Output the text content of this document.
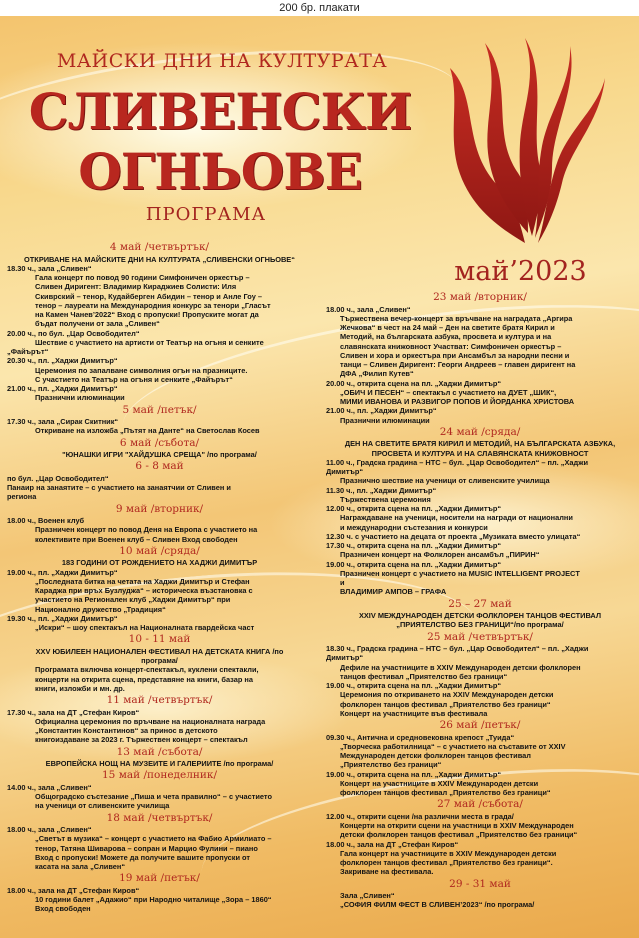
200 бр. плакати
МАЙСКИ ДНИ НА КУЛТУРАТА
СЛИВЕНСКИ
ОГНЬОВЕ
ПРОГРАМА
май’2023
4 май /четвъртък/
ОТКРИВАНЕ НА МАЙСКИТЕ ДНИ НА КУЛТУРАТА „СЛИВЕНСКИ ОГНЬОВЕ“
18.30 ч., зала „Сливен“
Гала концерт по повод 90 години Симфоничен оркестър –
Сливен Диригент: Владимир Кираджиев Солисти: Иля
Скиврский – тенор, Кудайберген Абидин – тенор и Анле Гоу –
тенор – лауреати на Международния конкурс за тенори „Гласът
на Камен Чанев’2022“ Вход с пропуски! Пропуските могат да
бъдат получени от зала „Сливен“
20.00 ч., по бул. „Цар Освободител“
Шествие с участието на артисти от Театър на огъня и сенките
„Файърът“
20.30 ч., пл. „Хаджи Димитър“
Церемония по запалване символния огън на празниците.
С участието на Театър на огъня и сенките „Файърът“
21.00 ч., пл. „Хаджи Димитър“
Празнични илюминации
5 май /петък/
17.30 ч., зала „Сирак Скитник“
Откриване на изложба „Пътят на Данте“ на Светослав Косев
6 май /събота/
"ЮНАШКИ ИГРИ "ХАЙДУШКА СРЕЩА" /по програма/
6 - 8 май
по бул. „Цар Освободител“
Панаир на занаятите – с участието на занаятчии от Сливен и
региона
9 май /вторник/
18.00 ч., Военен клуб
Празничен концерт по повод Деня на Европа с участието на
колективите при Военен клуб – Сливен Вход свободен
10 май /сряда/
183 ГОДИНИ ОТ РОЖДЕНИЕТО НА ХАДЖИ ДИМИТЪР
19.00 ч., пл. „Хаджи Димитър“
„Последната битка на четата на Хаджи Димитър и Стефан
Караджа при връх Бузлуджа“ – историческа възстановка с
участието на Регионален клуб „Хаджи Димитър“ при
Национално дружество „Традиция“
19.30 ч., пл. „Хаджи Димитър“
„Искри“ – шоу спектакъл на Националната гвардейска част
10 - 11 май
XXV ЮБИЛЕЕН НАЦИОНАЛЕН ФЕСТИВАЛ НА ДЕТСКАТА КНИГА /по
програма/
Програмата включва концерт-спектакъл, куклени спектакли,
концерти на открита сцена, представяне на книги, базар на
книги, изложби и мн. др.
11 май /четвъртък/
17.30 ч., зала на ДТ „Стефан Киров“
Официална церемония по връчване на националната награда
„Константин Константинов“ за принос в детското
книгоиздаване за 2023 г. Тържествен концерт – спектакъл
13 май /събота/
ЕВРОПЕЙСКА НОЩ НА МУЗЕИТЕ И ГАЛЕРИИТЕ /по програма/
15 май /понеделник/
14.00 ч., зала „Сливен“
Общоградско състезание „Пиша и чета правилно“ – с участието
на ученици от сливенските училища
18 май /четвъртък/
18.00 ч., зала „Сливен“
„Светът в музика“ – концерт с участието на Фабио Армилиато –
тенор, Татяна Шиварова – сопран и Марцио Фулини – пиано
Вход с пропуски! Можете да получите вашите пропуски от
касата на зала „Сливен“
19 май /петък/
18.00 ч., зала на ДТ „Стефан Киров“
10 години балет „Адажио“ при Народно читалище „Зора – 1860“
Вход свободен
23 май /вторник/
18.00 ч., зала „Сливен“
Тържествена вечер-концерт за връчване на наградата „Аргира
Жечкова“ в чест на 24 май – Ден на светите братя Кирил и
Методий, на българската азбука, просвета и култура и на
славянската книжовност Участват: Симфоничен оркестър –
Сливен и хора и оркестъра при Ансамбъл за народни песни и
танци – Сливен Диригент: Георги Андреев – главен диригент на
ДФА „Филип Кутев“
20.00 ч., открита сцена на пл. „Хаджи Димитър“
„ОБИЧ И ПЕСЕН“ – спектакъл с участието на ДУЕТ „ШИК“,
МИМИ ИВАНОВА И РАЗВИГОР ПОПОВ И ЙОРДАНКА ХРИСТОВА
21.00 ч., пл. „Хаджи Димитър“
Празнични илюминации
24 май /сряда/
ДЕН НА СВЕТИТЕ БРАТЯ КИРИЛ И МЕТОДИЙ, НА БЪЛГАРСКАТА АЗБУКА,
ПРОСВЕТА И КУЛТУРА И НА СЛАВЯНСКАТА КНИЖОВНОСТ
11.00 ч., Градска градина – НТС – бул. „Цар Освободител“ – пл. „Хаджи
Димитър“
Празнично шествие на ученици от сливенските училища
11.30 ч., пл. „Хаджи Димитър“
Тържествена церемония
12.00 ч., открита сцена на пл. „Хаджи Димитър“
Награждаване на ученици, носители на награди от национални
и международни състезания и конкурси
12.30 ч. с участието на децата от проекта „Музиката вместо улицата“
17.30 ч., открита сцена на пл. „Хаджи Димитър“
Празничен концерт на Фолклорен ансамбъл „ПИРИН“
19.00 ч., открита сцена на пл. „Хаджи Димитър“
Празничен концерт с участието на MUSIC INTELLIGENT PROJECT
и
ВЛАДИМИР АМПОВ – ГРАФА
25 – 27 май
XXIV МЕЖДУНАРОДЕН ДЕТСКИ ФОЛКЛОРЕН ТАНЦОВ ФЕСТИВАЛ
„ПРИЯТЕЛСТВО БЕЗ ГРАНИЦИ“/по програма/
25 май /четвъртък/
18.30 ч., Градска градина – НТС – бул. „Цар Освободител“ – пл. „Хаджи
Димитър“
Дефиле на участниците в XXIV Международен детски фолклорен
танцов фестивал „Приятелство без граници“
19.00 ч., открита сцена на пл. „Хаджи Димитър“
Церемония по откриването на XXIV Международен детски
фолклорен танцов фестивал „Приятелство без граници“
Концерт на участниците във фестивала
26 май /петък/
09.30 ч., Антична и средновековна крепост „Туида“
„Творческа работилница“ – с участието на съставите от XXIV
Международен детски фолклорен танцов фестивал
„Приятелство без граници“
19.00 ч., открита сцена на пл. „Хаджи Димитър“
Концерт на участниците в XXIV Международен детски
фолклорен танцов фестивал „Приятелство без граници“
27 май /събота/
12.00 ч., открити сцени /на различни места в града/
Концерти на открити сцени на участници в XXIV Международен
детски фолклорен танцов фестивал „Приятелство без граници“
18.00 ч., зала на ДТ „Стефан Киров“
Гала концерт на участниците в XXIV Международен детски
фолклорен танцов фестивал „Приятелство без граници“.
Закриване на фестивала.
29 - 31 май
Зала „Сливен“
„СОФИЯ ФИЛМ ФЕСТ В СЛИВЕН’2023“ /по програма/
